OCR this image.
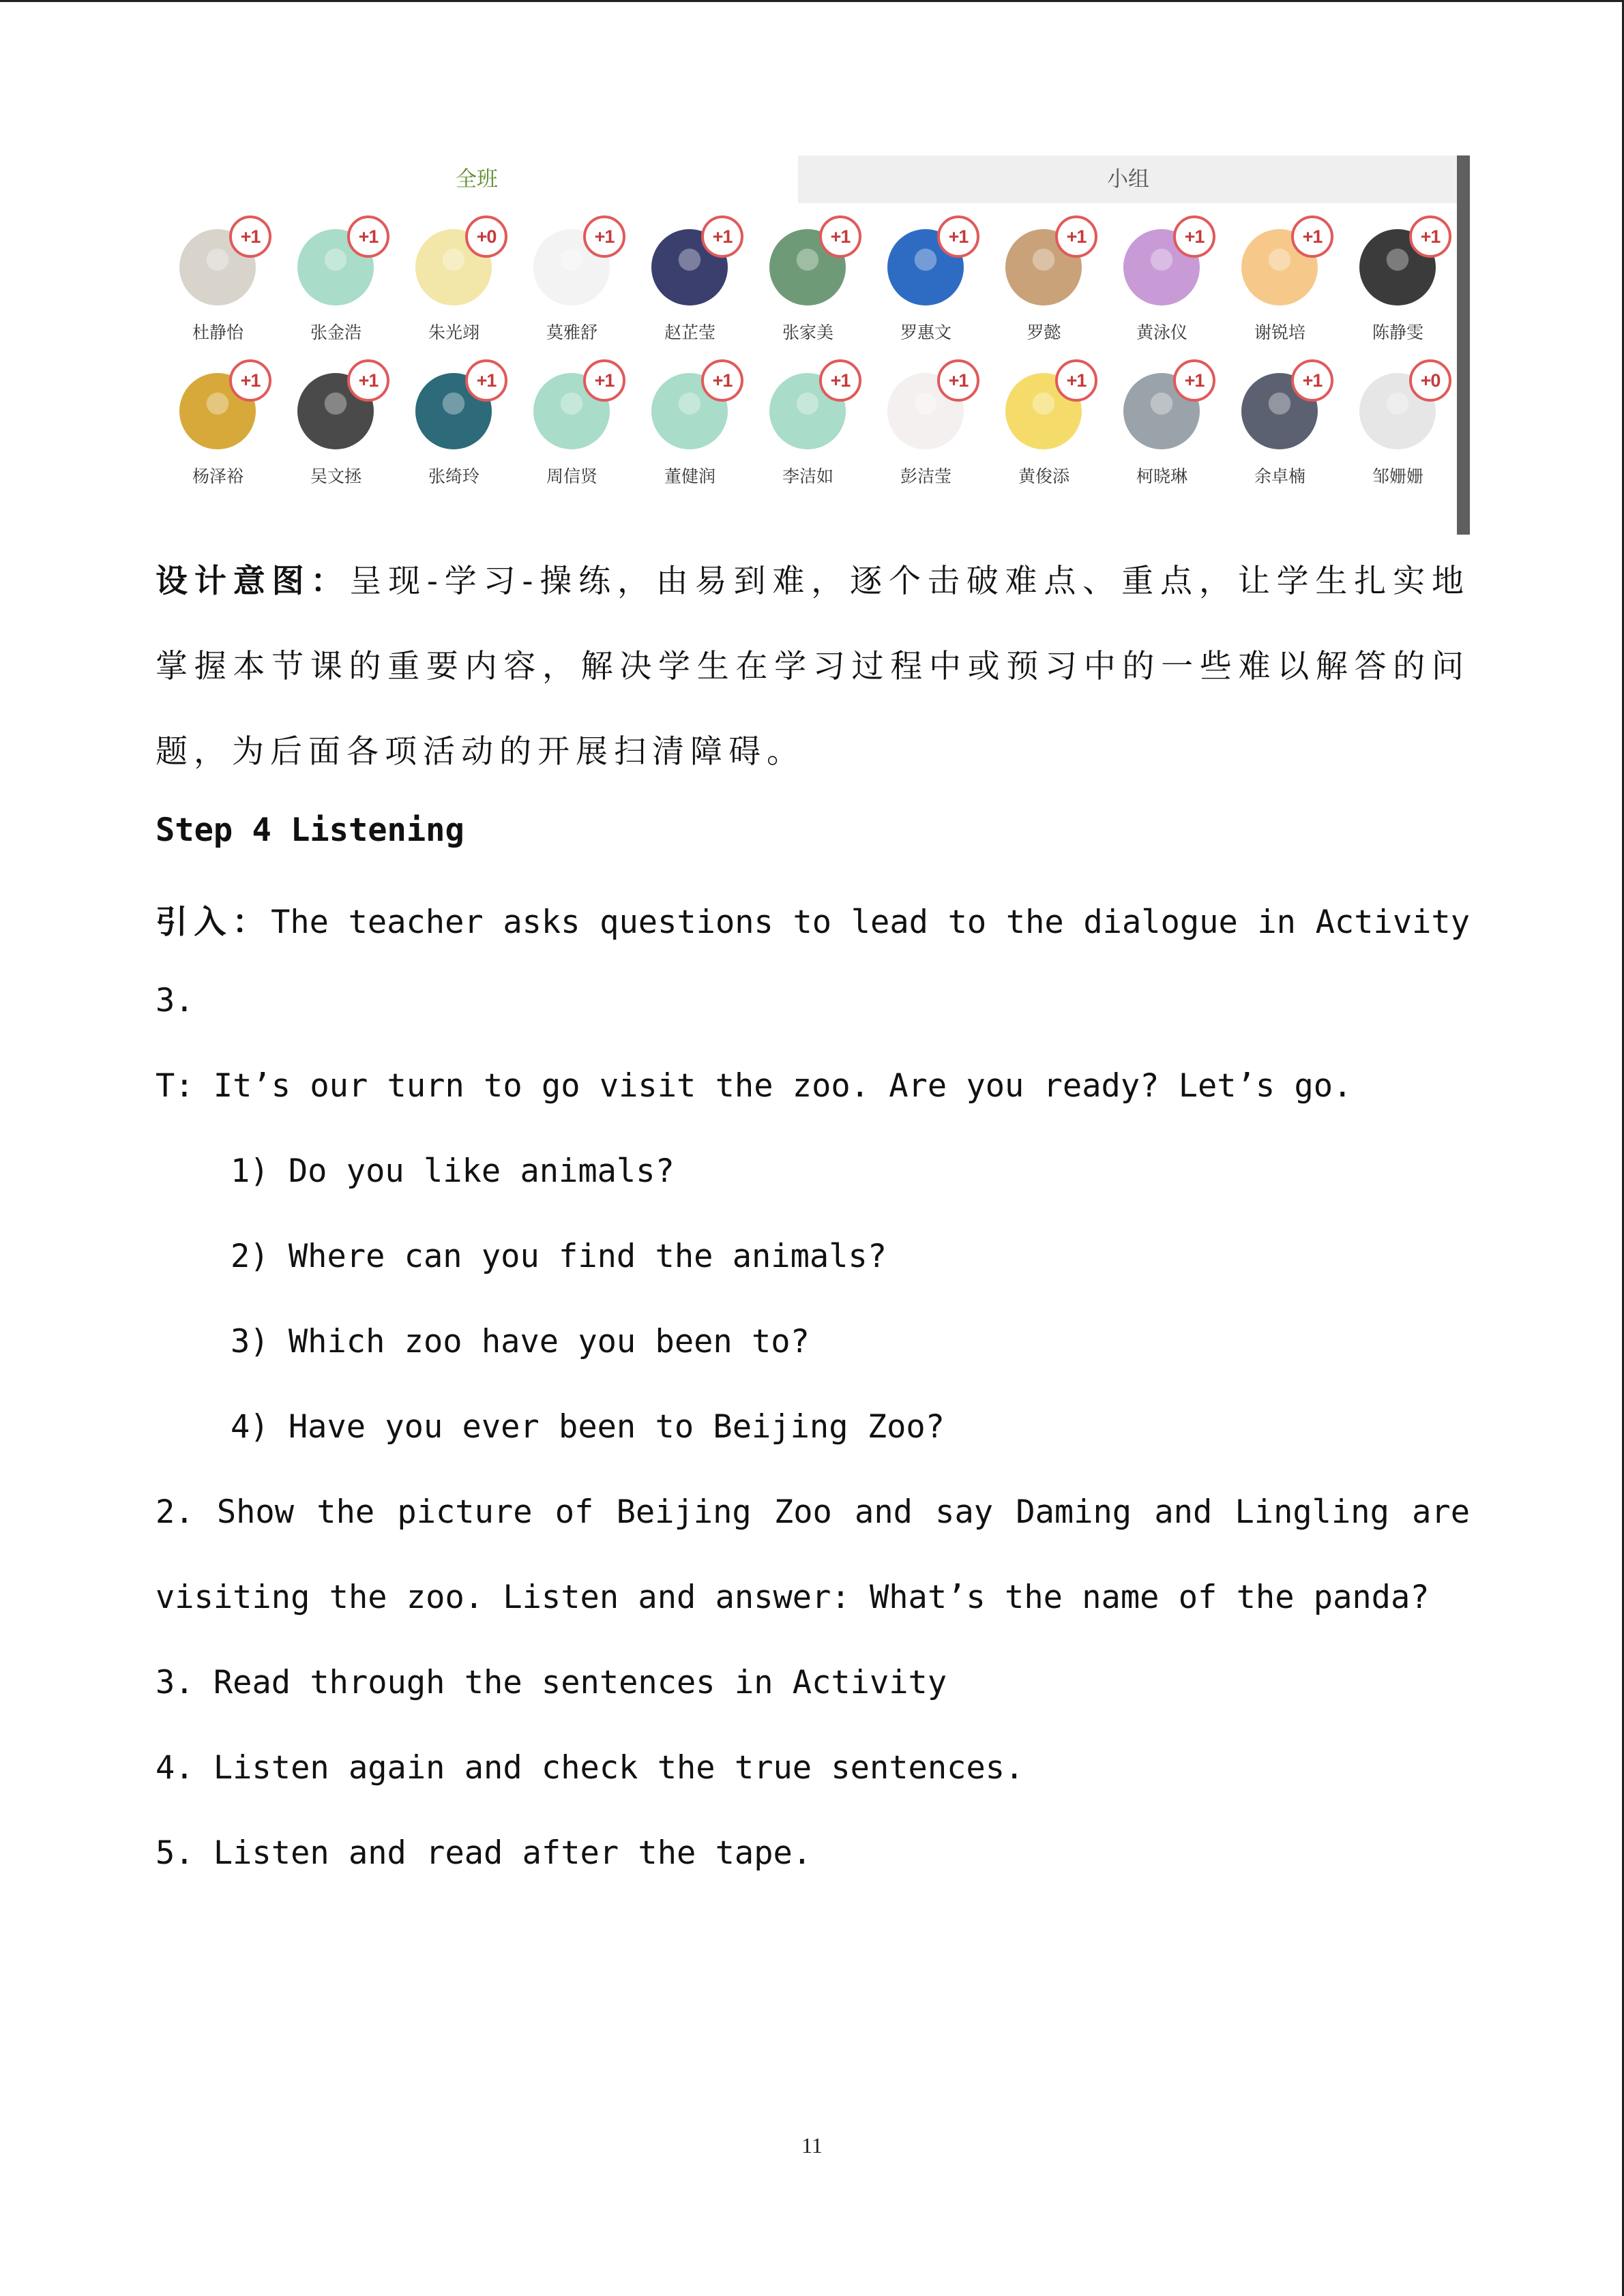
全班	小组
+1
杜静怡
+1
张金浩
+0
朱光翊
+1
莫雅舒
+1
赵芷莹
+1
张家美
+1
罗惠文
+1
罗懿
+1
黄泳仪
+1
谢锐培
+1
陈静雯
+1
杨泽裕
+1
吴文拯
+1
张绮玲
+1
周信贤
+1
董健润
+1
李洁如
+1
彭洁莹
+1
黄俊添
+1
柯晓琳
+1
余卓楠
+0
邹姗姗
设计意图：呈现-学习-操练，由易到难，逐个击破难点、重点，让学生扎实地
掌握本节课的重要内容，解决学生在学习过程中或预习中的一些难以解答的问
题，为后面各项活动的开展扫清障碍。
Step 4 Listening
引入：The teacher asks questions to lead to the dialogue in Activity
3.
T: It’s our turn to go visit the zoo. Are you ready? Let’s go.
1) Do you like animals?
2) Where can you find the animals?
3) Which zoo have you been to?
4) Have you ever been to Beijing Zoo?
2. Show the picture of Beijing Zoo and say Daming and Lingling are
visiting the zoo. Listen and answer: What’s the name of the panda?
3. Read through the sentences in Activity
4. Listen again and check the true sentences.
5. Listen and read after the tape.
11
